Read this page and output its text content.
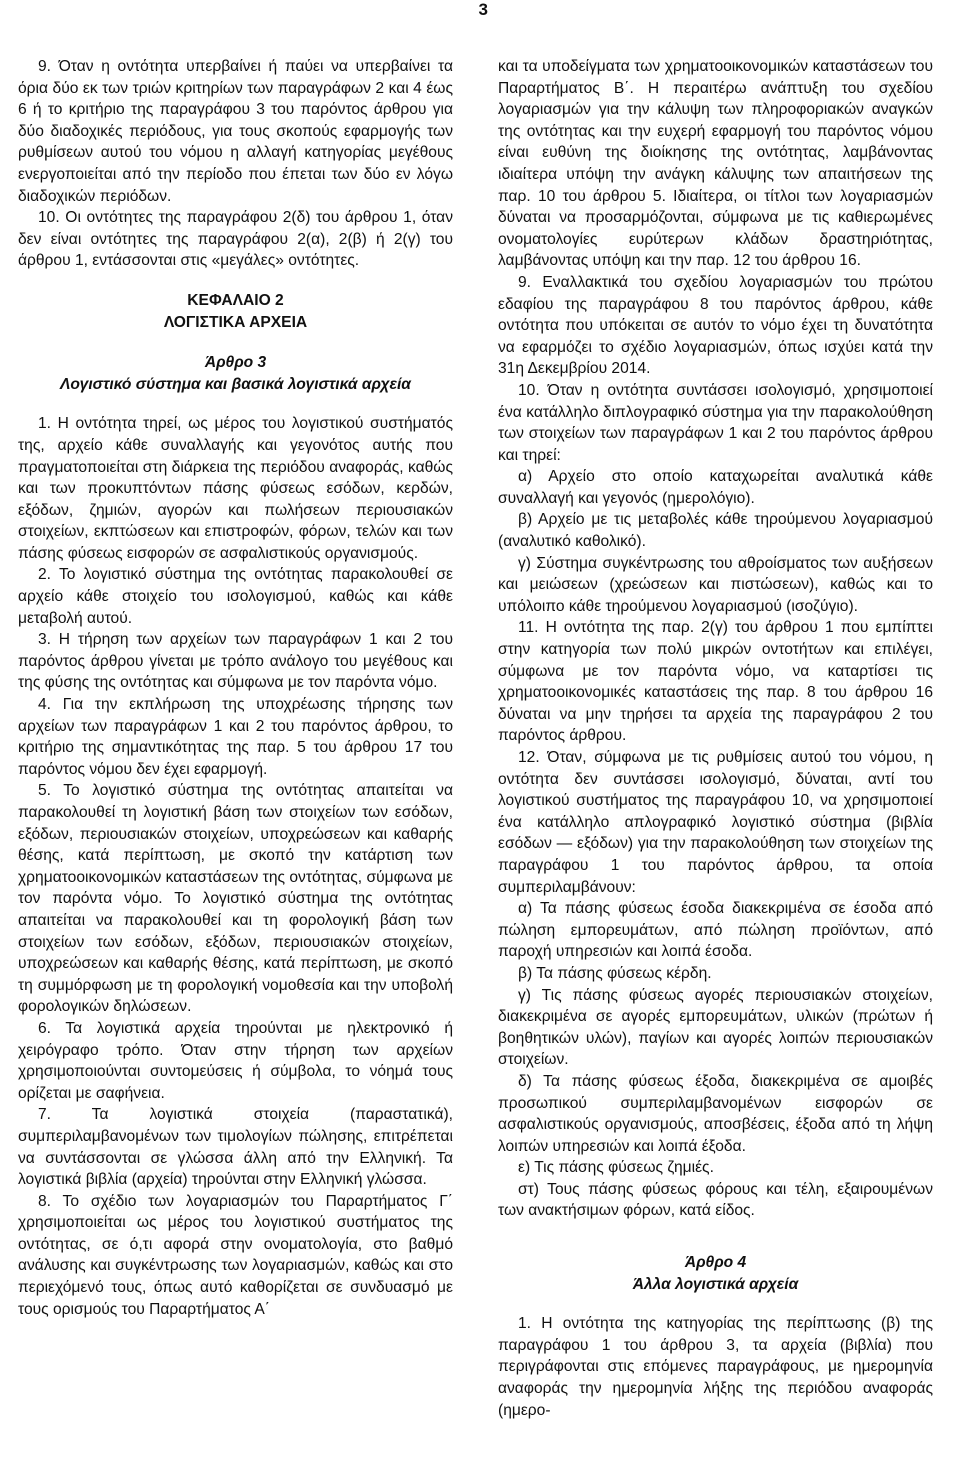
3

9. Όταν η οντότητα υπερβαίνει ή παύει να υπερβαίνει τα όρια δύο εκ των τριών κριτηρίων των παραγράφων 2 και 4 έως 6 ή το κριτήριο της παραγράφου 3 του παρόντος άρθρου για δύο διαδοχικές περιόδους, για τους σκοπούς εφαρμογής των ρυθμίσεων αυτού του νόμου η αλλαγή κατηγορίας μεγέθους ενεργοποιείται από την περίοδο που έπεται των δύο εν λόγω διαδοχικών περιόδων.

10. Οι οντότητες της παραγράφου 2(δ) του άρθρου 1, όταν δεν είναι οντότητες της παραγράφου 2(α), 2(β) ή 2(γ) του άρθρου 1, εντάσσονται στις «μεγάλες» οντότητες.

ΚΕΦΑΛΑΙΟ 2

ΛΟΓΙΣΤΙΚΑ ΑΡΧΕΙΑ

Άρθρο 3

Λογιστικό σύστημα και βασικά λογιστικά αρχεία

1. Η οντότητα τηρεί, ως μέρος του λογιστικού συστήματός της, αρχείο κάθε συναλλαγής και γεγονότος αυτής που πραγματοποιείται στη διάρκεια της περιόδου αναφοράς, καθώς και των προκυπτόντων πάσης φύσεως εσόδων, κερδών, εξόδων, ζημιών, αγορών και πωλήσεων περιουσιακών στοιχείων, εκπτώσεων και επιστροφών, φόρων, τελών και των πάσης φύσεως εισφορών σε ασφαλιστικούς οργανισμούς.

2. Το λογιστικό σύστημα της οντότητας παρακολουθεί σε αρχείο κάθε στοιχείο του ισολογισμού, καθώς και κάθε μεταβολή αυτού.

3. Η τήρηση των αρχείων των παραγράφων 1 και 2 του παρόντος άρθρου γίνεται με τρόπο ανάλογο του μεγέθους και της φύσης της οντότητας και σύμφωνα με τον παρόντα νόμο.

4. Για την εκπλήρωση της υποχρέωσης τήρησης των αρχείων των παραγράφων 1 και 2 του παρόντος άρθρου, το κριτήριο της σημαντικότητας της παρ. 5 του άρθρου 17 του παρόντος νόμου δεν έχει εφαρμογή.

5. Το λογιστικό σύστημα της οντότητας απαιτείται να παρακολουθεί τη λογιστική βάση των στοιχείων των εσόδων, εξόδων, περιουσιακών στοιχείων, υποχρεώσεων και καθαρής θέσης, κατά περίπτωση, με σκοπό την κατάρτιση των χρηματοοικονομικών καταστάσεων της οντότητας, σύμφωνα με τον παρόντα νόμο. Το λογιστικό σύστημα της οντότητας απαιτείται να παρακολουθεί και τη φορολογική βάση των στοιχείων των εσόδων, εξόδων, περιουσιακών στοιχείων, υποχρεώσεων και καθαρής θέσης, κατά περίπτωση, με σκοπό τη συμμόρφωση με τη φορολογική νομοθεσία και την υποβολή φορολογικών δηλώσεων.

6. Τα λογιστικά αρχεία τηρούνται με ηλεκτρονικό ή χειρόγραφο τρόπο. Όταν στην τήρηση των αρχείων χρησιμοποιούνται συντομεύσεις ή σύμβολα, το νόημά τους ορίζεται με σαφήνεια.

7. Τα λογιστικά στοιχεία (παραστατικά), συμπεριλαμβανομένων των τιμολογίων πώλησης, επιτρέπεται να συντάσσονται σε γλώσσα άλλη από την Ελληνική. Τα λογιστικά βιβλία (αρχεία) τηρούνται στην Ελληνική γλώσσα.

8. Το σχέδιο των λογαριασμών του Παραρτήματος Γ΄ χρησιμοποιείται ως μέρος του λογιστικού συστήματος της οντότητας, σε ό,τι αφορά στην ονοματολογία, στο βαθμό ανάλυσης και συγκέντρωσης των λογαριασμών, καθώς και στο περιεχόμενό τους, όπως αυτό καθορίζεται σε συνδυασμό με τους ορισμούς του Παραρτήματος Α΄

και τα υποδείγματα των χρηματοοικονομικών καταστάσεων του Παραρτήματος Β΄. Η περαιτέρω ανάπτυξη του σχεδίου λογαριασμών για την κάλυψη των πληροφοριακών αναγκών της οντότητας και την ευχερή εφαρμογή του παρόντος νόμου είναι ευθύνη της διοίκησης της οντότητας, λαμβάνοντας ιδιαίτερα υπόψη την ανάγκη κάλυψης των απαιτήσεων της παρ. 10 του άρθρου 5. Ιδιαίτερα, οι τίτλοι των λογαριασμών δύναται να προσαρμόζονται, σύμφωνα με τις καθιερωμένες ονοματολογίες ευρύτερων κλάδων δραστηριότητας, λαμβάνοντας υπόψη και την παρ. 12 του άρθρου 16.

9. Εναλλακτικά του σχεδίου λογαριασμών του πρώτου εδαφίου της παραγράφου 8 του παρόντος άρθρου, κάθε οντότητα που υπόκειται σε αυτόν το νόμο έχει τη δυνατότητα να εφαρμόζει το σχέδιο λογαριασμών, όπως ισχύει κατά την 31η Δεκεμβρίου 2014.

10. Όταν η οντότητα συντάσσει ισολογισμό, χρησιμοποιεί ένα κατάλληλο διπλογραφικό σύστημα για την παρακολούθηση των στοιχείων των παραγράφων 1 και 2 του παρόντος άρθρου και τηρεί:

α) Αρχείο στο οποίο καταχωρείται αναλυτικά κάθε συναλλαγή και γεγονός (ημερολόγιο).

β) Αρχείο με τις μεταβολές κάθε τηρούμενου λογαριασμού (αναλυτικό καθολικό).

γ) Σύστημα συγκέντρωσης του αθροίσματος των αυξήσεων και μειώσεων (χρεώσεων και πιστώσεων), καθώς και το υπόλοιπο κάθε τηρούμενου λογαριασμού (ισοζύγιο).

11. Η οντότητα της παρ. 2(γ) του άρθρου 1 που εμπίπτει στην κατηγορία των πολύ μικρών οντοτήτων και επιλέγει, σύμφωνα με τον παρόντα νόμο, να καταρτίσει τις χρηματοοικονομικές καταστάσεις της παρ. 8 του άρθρου 16 δύναται να μην τηρήσει τα αρχεία της παραγράφου 2 του παρόντος άρθρου.

12. Όταν, σύμφωνα με τις ρυθμίσεις αυτού του νόμου, η οντότητα δεν συντάσσει ισολογισμό, δύναται, αντί του λογιστικού συστήματος της παραγράφου 10, να χρησιμοποιεί ένα κατάλληλο απλογραφικό λογιστικό σύστημα (βιβλία εσόδων — εξόδων) για την παρακολούθηση των στοιχείων της παραγράφου 1 του παρόντος άρθρου, τα οποία συμπεριλαμβάνουν:

α) Τα πάσης φύσεως έσοδα διακεκριμένα σε έσοδα από πώληση εμπορευμάτων, από πώληση προϊόντων, από παροχή υπηρεσιών και λοιπά έσοδα.

β) Τα πάσης φύσεως κέρδη.

γ) Τις πάσης φύσεως αγορές περιουσιακών στοιχείων, διακεκριμένα σε αγορές εμπορευμάτων, υλικών (πρώτων ή βοηθητικών υλών), παγίων και αγορές λοιπών περιουσιακών στοιχείων.

δ) Τα πάσης φύσεως έξοδα, διακεκριμένα σε αμοιβές προσωπικού συμπεριλαμβανομένων εισφορών σε ασφαλιστικούς οργανισμούς, αποσβέσεις, έξοδα από τη λήψη λοιπών υπηρεσιών και λοιπά έξοδα.

ε) Τις πάσης φύσεως ζημιές.

στ) Τους πάσης φύσεως φόρους και τέλη, εξαιρουμένων των ανακτήσιμων φόρων, κατά είδος.

Άρθρο 4

Άλλα λογιστικά αρχεία

1. Η οντότητα της κατηγορίας της περίπτωσης (β) της παραγράφου 1 του άρθρου 3, τα αρχεία (βιβλία) που περιγράφονται στις επόμενες παραγράφους, με ημερομηνία αναφοράς την ημερομηνία λήξης της περιόδου αναφοράς (ημερο-
